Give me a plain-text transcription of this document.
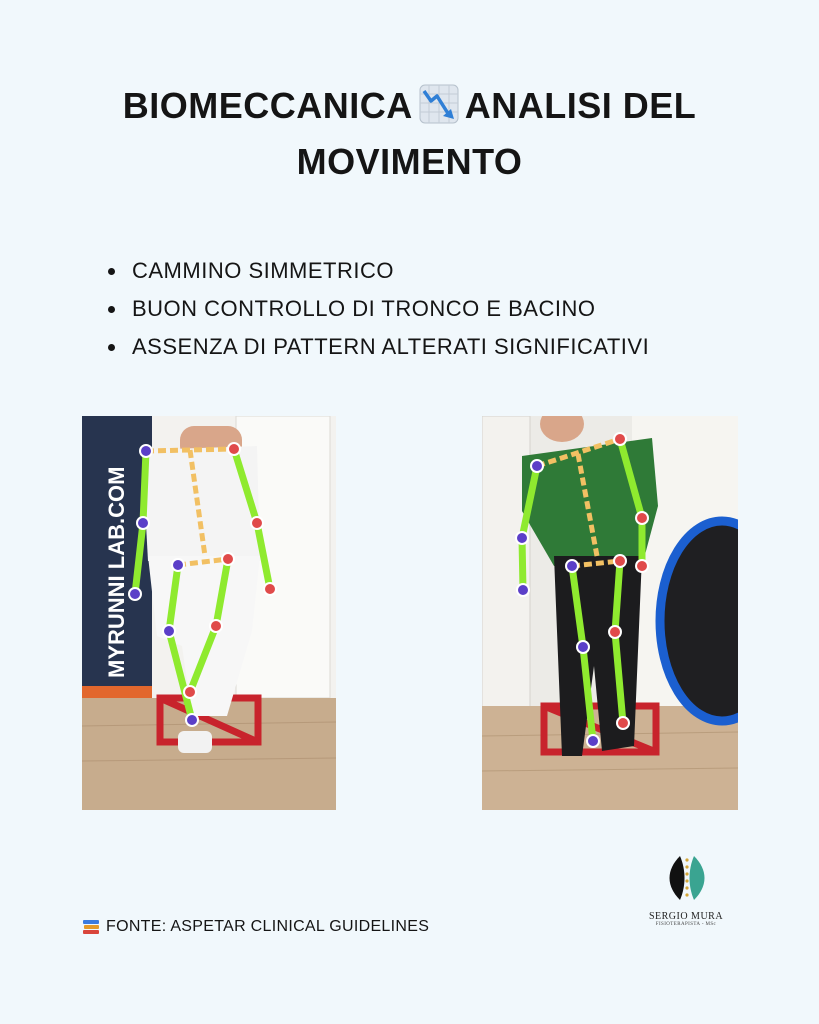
BIOMECCANICA ANALISI DEL
MOVIMENTO
CAMMINO SIMMETRICO
BUON CONTROLLO DI TRONCO E BACINO
ASSENZA DI PATTERN ALTERATI SIGNIFICATIVI
MYRUNNI LAB.COM
FONTE: ASPETAR CLINICAL GUIDELINES
SERGIO MURA
FISIOTERAPISTA - MSc
